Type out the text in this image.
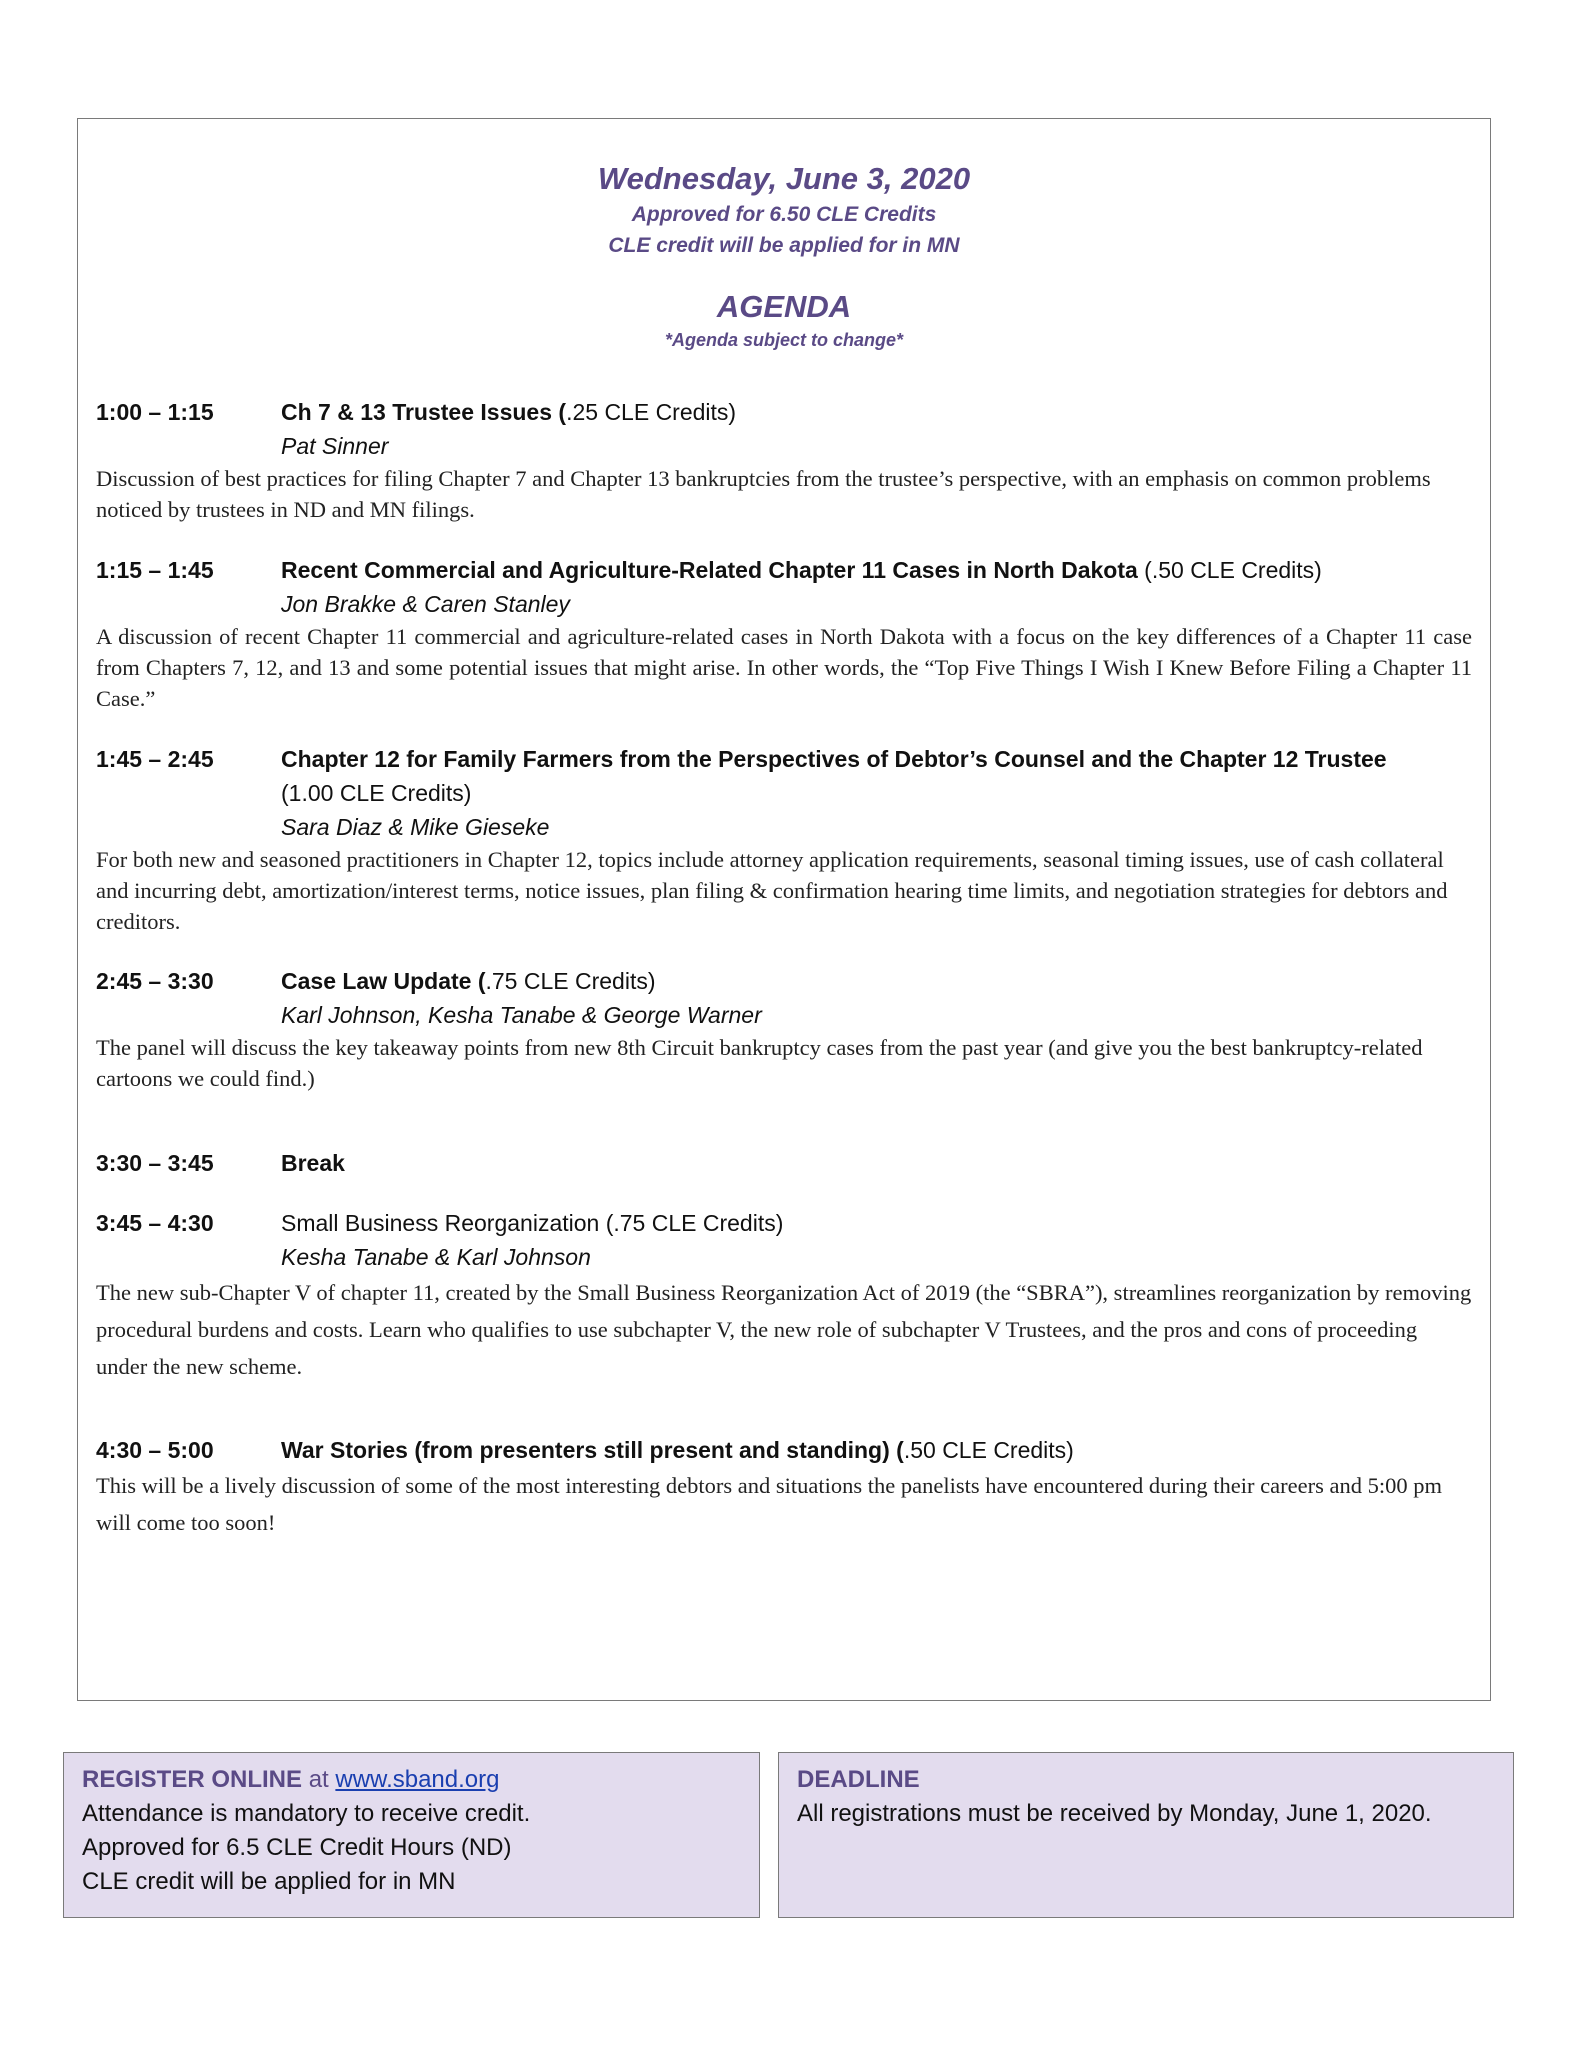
Wednesday, June 3, 2020
Approved for 6.50 CLE Credits
CLE credit will be applied for in MN
AGENDA
*Agenda subject to change*
1:00 – 1:15	Ch 7 & 13 Trustee Issues (.25 CLE Credits)
Pat Sinner
Discussion of best practices for filing Chapter 7 and Chapter 13 bankruptcies from the trustee’s perspective, with an emphasis on common problems noticed by trustees in ND and MN filings.
1:15 – 1:45	Recent Commercial and Agriculture-Related Chapter 11 Cases in North Dakota (.50 CLE Credits)
Jon Brakke & Caren Stanley
A discussion of recent Chapter 11 commercial and agriculture-related cases in North Dakota with a focus on the key differences of a Chapter 11 case from Chapters 7, 12, and 13 and some potential issues that might arise. In other words, the “Top Five Things I Wish I Knew Before Filing a Chapter 11 Case.”
1:45 – 2:45	Chapter 12 for Family Farmers from the Perspectives of Debtor’s Counsel and the Chapter 12 Trustee
(1.00 CLE Credits)
Sara Diaz & Mike Gieseke
For both new and seasoned practitioners in Chapter 12, topics include attorney application requirements, seasonal timing issues, use of cash collateral and incurring debt, amortization/interest terms, notice issues, plan filing & confirmation hearing time limits, and negotiation strategies for debtors and creditors.
2:45 – 3:30	Case Law Update (.75 CLE Credits)
Karl Johnson, Kesha Tanabe & George Warner
The panel will discuss the key takeaway points from new 8th Circuit bankruptcy cases from the past year (and give you the best bankruptcy-related cartoons we could find.)
3:30 – 3:45	Break
3:45 – 4:30	Small Business Reorganization (.75 CLE Credits)
Kesha Tanabe & Karl Johnson
The new sub-Chapter V of chapter 11, created by the Small Business Reorganization Act of 2019 (the “SBRA”), streamlines reorganization by removing procedural burdens and costs. Learn who qualifies to use subchapter V, the new role of subchapter V Trustees, and the pros and cons of proceeding under the new scheme.
4:30 – 5:00	War Stories (from presenters still present and standing) (.50 CLE Credits)
This will be a lively discussion of some of the most interesting debtors and situations the panelists have encountered during their careers and 5:00 pm will come too soon!
REGISTER ONLINE at www.sband.org
Attendance is mandatory to receive credit.
Approved for 6.5 CLE Credit Hours (ND)
CLE credit will be applied for in MN
DEADLINE
All registrations must be received by Monday, June 1, 2020.
